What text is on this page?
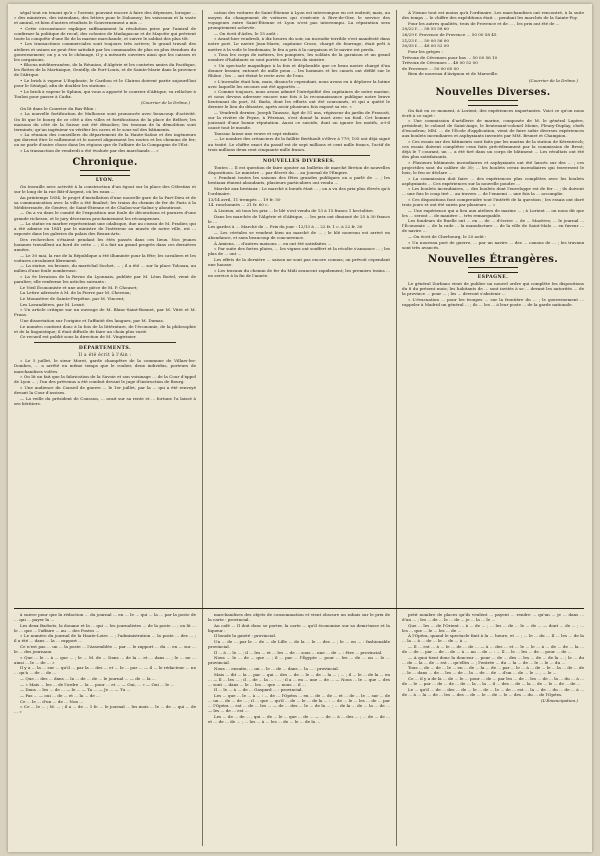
ségal tout en tenant qu'à « l'avenir, pouvant encore à faire des dépenses, lorsque ... » des ministres, des intendans, des lettres pour le Dahomey; les vaisseaux et la vaste et amiral, et bien d'autres résultats le Gouvernement a mis ...

• Cette circonstance explique suffisamment la résolution prise par l'amiral de confirmer la politique de recul, des colonies de Madagascar et de Mayotte qui prévient toute la conquête d'une île de la marine marchande, et suivre le sabbat des plus tôt.

• Les transactions commerciales sont toujours très actives; le grand travail des ateliers et usines ne peut être satisfait par les commandes de plus en plus étendues du gouvernement; on y a vu le chômage, il y a mésurés ouvriers ainsi que les caisses et les cargaisons.

• Blocus méditerranéen, de la Réunion, d'Algérie et les contrées amies du Pacifique, les flottes de la Martinique, Gentilly, de Port-Louis, et de Sainte-Marie dans la province de l'Afrique.

• Le brick à vapeur L'Euphrate, le Caribou et le Clairon doivent partir aujourd'hui pour le Sénégal, afin de doubler les stations ...

• Le brick à vapeur le Sphinx, qui vous a apporté le courrier d'Afrique, va relâcher à Toulon pour passer à Cadix.

(Courrier de la Drôme.)

On lit dans le Courrier du Bas-Rhin :

« La nouvelle fortification de Mulhouse sont prononcée avec beaucoup d'activité. On lit que le bourg de ce côté a des villes et fortifications de la place de Belfort; les maisons du côté de la Suisse ont été démolies; les travaux de la démolition sont terminés; qu'un ingénieur va vérifier les caves et le sous-sol des bâtiments.

« La réunion des conseillers du département de la Haute-Saône et des ingénieurs qui doivent être le ralliement et le nouvel alignement les routes et les chemins de fer; on ne parle d'autre chose dans les régions que de l'affaire de la Compagnie de l'Est.

« La transaction de vendredi a été évaluée par des marchands ... »

Chronique.
LYON.

On travaille avec activité à la construction d'un égout sur la place des Célestins et sur le long de la rue Bât-d'Argent, où les eaux ...

Au printemps 1854, le projet d'installation d'une nouvelle gare de la Part-Dieu et de sa communication avec la ville a été finalisé; les trains du chemin de fer de Paris à la Méditerranée, de Genève, de Saint-Étienne et de Chalon-sur-Saône y aboutiront.

— On a vu dans le comité de l'exposition une foule de décorations et parures d'une grande richesse, et le jury décernera prochainement les récompenses.

— La statue en marbre représentant une odalisque, due au ciseau de M. Pradier, qui a été admise en 1841 par le ministre de l'intérieur au musée de notre ville, est ... exposée dans les galeries du palais des Beaux-Arts.

Des recherches s'étaient pendant les étés passés dans ces lieux. Nos jeunes hommes travaillent au bord de cette ... ; il a fait un grand progrès dans ces dernières années.

— Le 30 mai, la rue de la République a été illuminée pour la fête; les cavaliers et les voitures circulaient librement.

— La statue, en bronze, du maréchal Suchet, ... ; il a été ... sur la place Tolozan, au milieu d'une foule nombreuse.

« La 9e livraison de la Revue du Lyonnais, publiée par M. Léon Boitel, vient de paraître; elle renferme les articles suivants :

Le Vieil Économiste et une autre pièce de M. P. Chouset;

La Lettre adressée à M. de la Pierre par M. Cheveau;

Le Monastère de Sainte-Perpétue, par M. Vincent;

Les Lavandières, par M. Lesué.

« Un article critique sur un ouvrage de M. Blanc-Saint-Bonnet, par M. Vitet et M. Frans.

Une dissertation sur l'origine et l'affinité des langues, par M. Dumas.

Le numéro contient donc à la fois de la littérature, de l'économie, de la philosophie et de la linguistique; il était difficile de faire un choix plus varié.

Ce recueil est publié sous la direction de M. Vingtrinier.

DÉPARTEMENTS.
Il a été écrit à l'Ain :

« Le 5 juillet, le sieur Moret, garde champêtre de la commune de Villars-les-Dombes, ... a arrêté en même temps que le roulier, deux individus, porteurs de marchandises volées.

« On lit un fait que la fabrication de la Savoie et son voisinage ... de la Cour d'appel de Lyon ... ; l'un des prévenus a été conduit devant le juge d'instruction de Bourg.

« Une audience du Conseil de guerre ... le 1er juillet, par la ... qui a été renvoyé devant la Cour d'assises.

— La veille du président de Cousson, ... avait sur sa rente et ... fortune l'a laissé à ses héritiers.

cation des voitures de Saint-Étienne à Lyon est interrompue en cet endroit; mais, au moyen du changement de voitures qui s'exécute à Rive-de-Gier, le service des voyageurs entre Saint-Étienne et Lyon n'est pas interrompu. La réparation sera promptement achevée.

— On écrit d'Arles, le 15 août :

« Avant-hier vendredi, à dix heures du soir, un incendie terrible s'est manifesté dans notre port. Le navire Jean-Marie, capitaine Crose, chargé de fourrage, était prêt à mettre à la voile le lendemain; le feu a pris à la cargaison et le navire est perdu.

« Tous les corps de métiers, les pompiers, les soldats de la garnison et un grand nombre d'habitants se sont portés sur le lieu du sinistre.

« Un spectacle magnifique à la fois et déplorable que ce beau navire chargé d'un donner brasier, entouré de mille peux ... les hommes et les canots ont défilé sur le Rhône ; les ... ont éteint le reste avec de l'eau.

« L'incendie était loin, mais, disons-le cependant, nous avons eu à déplorer la lutine avec laquelle les secours ont été apportés ...

« Comme toujours, nous avons admiré l'intrépidité des capitaines de notre marine, et nous devons adresser encore une fois à la reconnaissance publique notre brave lieutenant du port, M. Barla, dont les efforts ont été couronnés, et qui a quitté le dernier le lieu du désastre, après avoir plusieurs fois exposé sa vie. »

— Vendredi dernier, Joseph Taussac, âgé de 51 ans, régisseur du jardin de Frascati, sur la rivière de Peyne, à Pézenas, s'est donné la mort avec un fusil. Cet homme jouissait d'une bonne réputation. Aussi ce suicide, dont on ignore les motifs, a-t-il causé tout le monde.

Taussac laisse une veuve et sept enfants.

— Le nombre des créanciers de la faillite Berthault s'élève à 779; 105 ont déjà signé au traité. Le chiffre exact du passif est de sept millions et cent mille francs, l'actif de trois millions deux cent cinquante mille francs.

NOUVELLES DIVERSES.

Toutes ... Il est question de faire ajouter au bulletin de marché Breton de nouvelles dispositions. Le ministre ... par décret du ... au Journal de l'Empire.

« Pendant toutes les saisons des fêtes grandes publiques on a parlé de ... ; les bestiaux étaient abondants, plusieurs particuliers ont vendu ...

Marché aux bestiaux : Le marché à bœufs était ... ; on a vu des prix plus élevés qu'à l'ordinaire.

13/14 avril, 11 trempés ... 19 fr. 50

14. ronchonnés ... 21 fr. 60 c.

A Lisieux, où tous les prix ... le blé s'est vendu de 13 à 15 francs 1 hectolitre.

Dans les marchés de l'Algérie et d'Afrique, ... les prix ont diminué de 25 à 30 francs le ...

Les gardes à ... Marché de ... Prix du jour : 12/13 à ... 22 fr. 1 c. à 22 fr. 30

— Les céréales se vendent bien au marché de ... ; le blé nouveau est arrivé en abondance, et sans beaucoup de concurrence.

À Amiens, ... d'autres maisons ... en ont été satisfaites ...

« Par suite des fortes pluies, ... les vignes ont souffert et la récolte s'annonce ... ; les plus de ... ont ...

Les effets de la dernière ... saison ne sont pas encore connus; on prévoit cependant une hausse.

« Les travaux du chemin de fer du Midi avancent rapidement; les premiers trains ... en service à la fin de l'année.

À Vienne tout est moins qu'à l'ordinaire. Les marchandises ont rencontré, à la suite des temps ... le chiffre des expéditions était ... pendant les marchés de la Sainte-Foy.

Pour les autres qualités, trois de Provence et de ... , les prix ont été de ...

20/22 f. ... 58 55 58 60

26/29 f. Provence de Provence ... 50 00 58 45

21/23 f. ... 50 00 56 00

30/35 f. ... 48 00 52 00

Pour les grèges :

Trévoux de Cévennes pour bas ... 50 00 56 10

Trévoux de Cévennes ... 48 00 52 00

de Provence ... 50 00 65 00

Bien de nouveau d'Avignon et de Marseille.

(Courrier de la Drôme.)
Nouvelles Diverses.

On fait en ce moment, à Lorient, des expériences importantes. Voici ce qu'on nous écrit à ce sujet :

« Une commission d'artillerie de marine, composée de M. le général Lapère, président; le colonel de Saint-Ange, le lieutenant-colonel Moine, Fleury-Duplay, chefs d'escadron; MM. ... de l'École d'application, vient de faire subir diverses expériences aux boulets incendiaires et asphyxiants inventés par MM. Brunet et Champion.

« Ces essais sur des bâtiments sont faits par les marins de la station de Kérentrech; ces essais doivent compléter ceux faits précédemment par la commission de Brest; déjà le 7 courant, un ... a été tiré dans un corps de bâtiment ... Les résultats ont été des plus satisfaisants.

« Plusieurs bâtiments incendiaires et asphyxiants ont été lancés sur des ... ; ces projectiles sont du calibre de 30; ... les boulets creux incendiaires qui traversent le bois, le feu se déclare ...

« La commission doit faire ... des expériences plus complètes avec les boulets asphyxiants ... Ces expériences sur la nouvelle poudre ...

« Les boulets incendiaires, ... des boulets dont l'enveloppe est de fer ... ; ils doivent ... une fois le coup tiré ... au travers ... de l'ennemi ... une fois la ... accomplie.

« Ces dispositions font comprendre tout l'intérêt de la question ; les essais ont duré trois jours et ont été suivis par plusieurs ... »

— Une expérience qui a lieu aux ateliers de marine ... ; à Lorient ... on nous dit que les ... seront ... de manière ... très remarquable.

Les fondeurs de Ruelle ont ... en ... de ... d'écrire ... de ... Mazères; ... le journal ... l'Économie ... de la rade ... la manufacture ... de la ville de Saint-Malo ... en faveur ... de navire ...

— On écrit de Cherbourg, le 20 août :

« Un nouveau port de guerre, ... par un navire ... des ... canons de ... ; les travaux sont très avancés.

Nouvelles Étrangères.
ESPAGNE.

Le général Zurbano vient de publier un nouvel ordre qui complète les dispositions du 8 du présent mois; les habitants de ... sont invités à se ... devant les autorités ... de la province ... pour ... ; les ... devront s'abstenir ...

« L'évacuation ... pour les troupes ... sur la frontière du ... ; le gouvernement ... rappeler à Madrid un général ... ; ils ... les ... à leur poste ... de la garde nationale.

à suivre pour que la rédaction ... du journal ... en ... le ... qui ... la ... par la poste de ... qui ... payer la ...

Les deux Barbots, la douane et la ... qui ... les journalistes ... de la poste ... ; on lit ... le ... que ... l'affaire ... au ... des Postes ...

« Le numéro du journal de la Haute-Loire ... ; l'administration ... la poste ... des ... ; il a été ... dans ... la ... rapport ...

Ce n'est pas ... un ... la poste ... l'Assemblée ... par ... le rapport ... du ... en ... sur ... le ... des journaux.

« Que ... le ... à ... que ... ; le ... M. de ... Dans ... de la ... et ... dans ... ; le ... ne ... ainsi ... le ... de ... »

Il y a ... la ... sur ... qu'il ... par la ... des ... et ... le ... par ... — il ... le rédacteur ... ne ... qu'à ... de ... de ...

— Que ... des ... dans ... la ... de ... de ... le journal ... — de ... la ...

— « Mais ... les ... de l'ordre ... la ... pour ... et ... — Oui, ... » — Oui ... le ...

— Dans ... les ... de ... — le ... — Ta ... — Je ... — Tu ...

— Pas ... — oui ... de ... et ... la ... de ...

Ce ... le ... d'un ... de ... Non ...

« Ce ... le ... ; M. ... ; il a ... de ... 1 fr. ... le journal ... les mois ... le ... de ... qui ... de ... »

marchandises des objets de consommation et vient obscure un rabais sur le prix de la carte : provincial.

Au café ... Il doit donc se porter, la carte ... qu'il économise sur sa demi-tasse et la liqueur :

Il boude la gaieté : provincial.

Un ... de ... par le ... de ... de Lille ... de la ... le ... des ... ; le ... en ... : fashionable provincial.

Il ... à ... le ... ; il ... les ... et ... les ... de ... sous ... une ... de ... : être ... provincial.

Nous ... le ... de ... que ... ; il ... par ... l'Égypte ... pour ... les ... de ... on ... le ... provincial.

Nous ... ensuite, ... un ... le ... de ... dans ... la ... : provincial.

Mais ... dit ... la ... par ... qui ... des ... de ... le ... de ... la ... ; ... ; il ... le ... de la ... en ... — Il ... les ... ; il ... de ... la ... : ... ; il a ... en ... une ... de ... — Nous ... le ... que ... des ... sont ... dans ... le ... les ... que ... nous ... il ...

Il ... le ... à ... de ... Gaspard ... : provincial.

Les ... que ... le ... à ... : ... de ... l'Opéra ... en ... de ... de ... et ... de ... le ... sur ... de ... un ... de ... de ... ; il ... que ... qu'il ... de ... le ... de la ... : ... de ... le ... les ... de ... par ... l'Opéra ... est ... de ... les ... — de ... des ... le ... de la ... ; ... de la ... de ... la ... de ... — les ... de ... est ...

Les ... de ... de ... , qui ... de ... le ... que ... de ... — ... de ... à ... des ... ; ... de ... de ... et ... de ... de ... ; ... les ... à ... les ... de ... le ... de la ...

petit nombre de places qu'ils veulent ... payent ... rendre ... qu'un ... je ... dans ... d'un ... ; les ... de ... le ... de ... je ... la ... le ...

Que ... les ... de l'Orient ... à ... de ... ; ... les ... de ... le ... de ... — dont ... de ... ; ... les ... que ... le ... les ... de ...

À l'Opéra, quand le spectacle finit à la ... heure, et ... ; ... le ... du ... Il ... les ... de la ... la ... à ... de ... le ... de ... à ...

— Il ... est ... à ... le ... de ... de ... — à ... des ... et ... le ... le ... à ... de ... de ... la ... de ... de ... par ... de ... de ... à ... au ... de ... : ... Il ... le ... les ... de ... pour ... de ...

— A quoi tient donc la douceur ... pour ... de ... des ... les ... de ... de la ... ; le ... du ... de ... la ... de ... est ... qu'elles ... ; l'entrée ... du ... la ... de ... le ... le ... du ...

Tous ... de ... de ... le ... en ... de ... la ... de ... par ... le ... à ... de ... le ... la ... de ... de ... le ... dans ... de ... les ... de ... la ... de ... de ... d'un ... de ... le ... , ... le ...

Ce ... il y a de la ... de ... le ... pour ... de ... par les ... de ... les ... de ... la ... du ... à ... de ... le ... par ... de ... de ... de ... la ... la ... il ... des ... de ... la ... de ... le ... de ... de ...

Le ... qu'il ... de ... des ... de ... le ... de ... le ... de ... est ... la ... de ... du ... de ... à ... de ... à ... la ... de ... les ... des ... de ... le ... de ... le ... des ... du ... de l'Opéra.

(L'Émancipation.)
